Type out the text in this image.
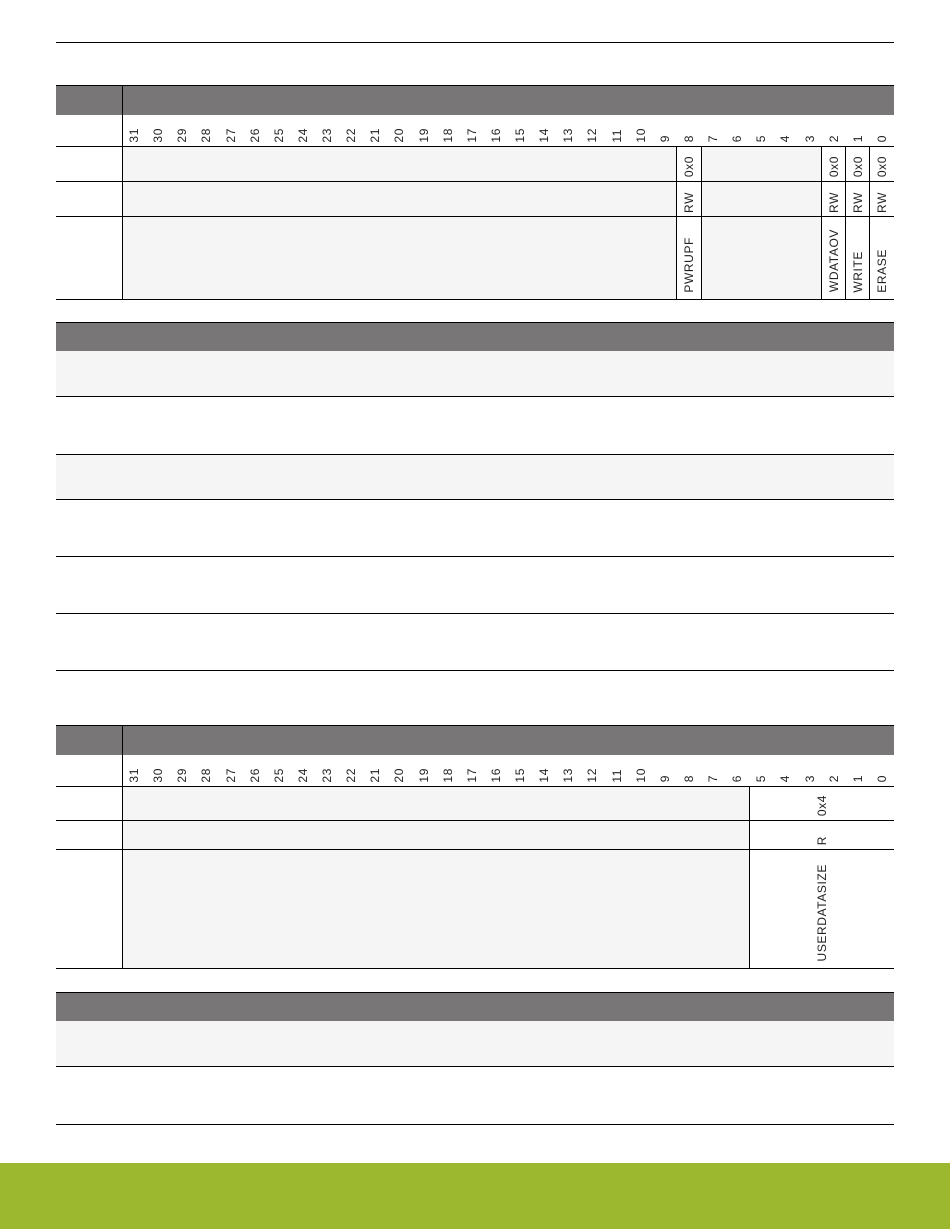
	31	30	29	28	27	26	25	24	23	22	21	20	19	18	17	16	15	14	13	12	11	10	9	8	7	6	5	4	3	2	1	0

																								0x0						0x0	0x0	0x0

																								RW						RW	RW	RW

																								PWRUPF						WDATAOV	WRITE	ERASE

	31	30	29	28	27	26	25	24	23	22	21	20	19	18	17	16	15	14	13	12	11	10	9	8	7	6	5	4	3	2	1	0

																											0x4					

																											R					

																											USERDATASIZE					
